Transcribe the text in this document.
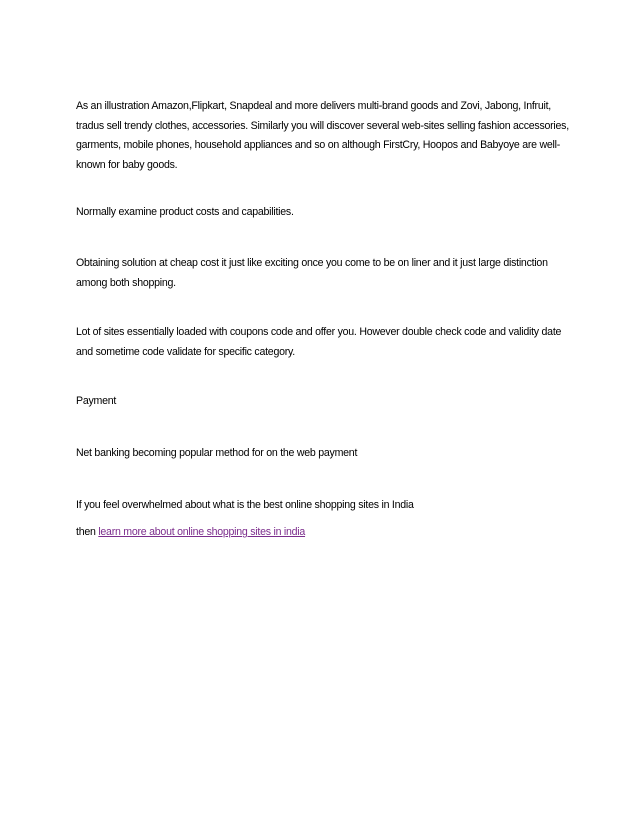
As an illustration Amazon,Flipkart, Snapdeal and more delivers multi-brand goods and Zovi, Jabong, Infruit, tradus sell trendy clothes, accessories. Similarly you will discover several web-sites selling fashion accessories, garments, mobile phones, household appliances and so on although FirstCry, Hoopos and Babyoye are well-known for baby goods.

Normally examine product costs and capabilities.

Obtaining solution at cheap cost it just like exciting once you come to be on liner and it just large distinction among both shopping.

Lot of sites essentially loaded with coupons code and offer you. However double check code and validity date and sometime code validate for specific category.

Payment

Net banking becoming popular method for on the web payment

If you feel overwhelmed about what is the best online shopping sites in India

then learn more about online shopping sites in india
